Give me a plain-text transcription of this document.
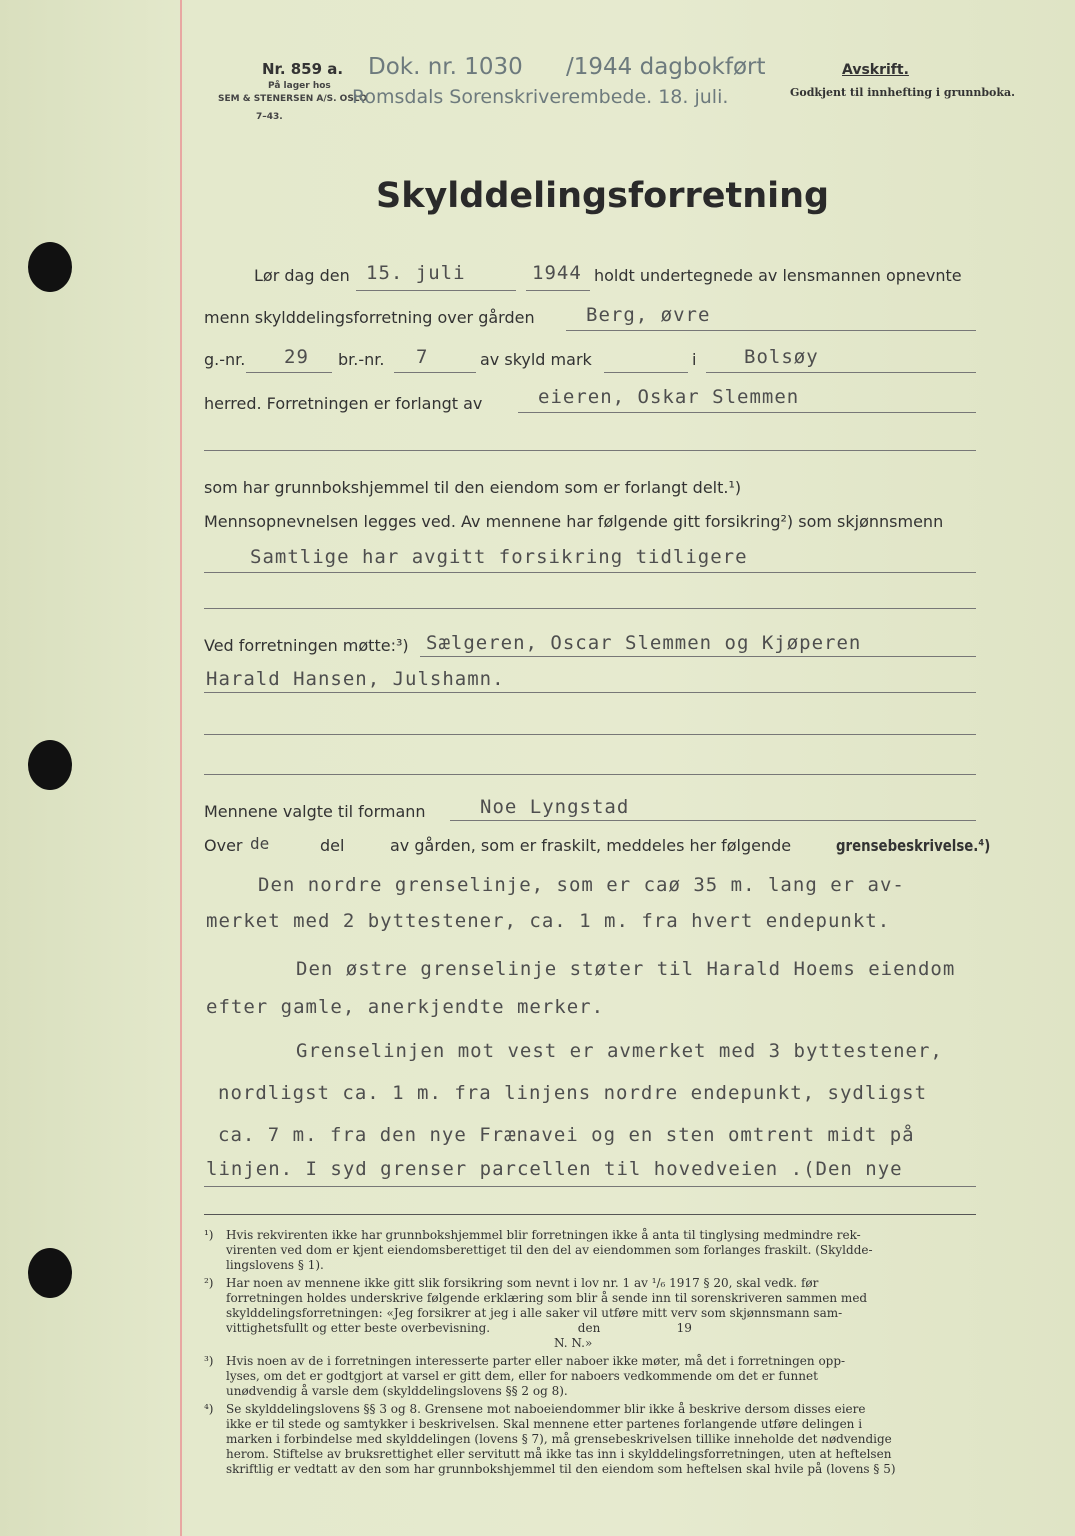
Nr. 859 a.
På lager hos
SEM & STENERSEN A/S. OSLO
7–43.
Dok. nr. 1030 /1944 dagbokført
Romsdals Sorenskriverembede. 18. juli.
Avskrift.
Godkjent til innhefting i grunnboka.
Skylddelingsforretning
Lør dag den 15. juli	1944 holdt undertegnede av lensmannen opnevnte
menn skylddelingsforretning over gården	Berg, øvre
g.-nr. 29 br.-nr. 7	av skyld mark	i	Bolsøy
herred. Forretningen er forlangt av	eieren, Oskar Slemmen
som har grunnbokshjemmel til den eiendom som er forlangt delt.¹)
Mennsopnevnelsen legges ved. Av mennene har følgende gitt forsikring²) som skjønnsmenn
Samtlige har avgitt forsikring tidligere
Ved forretningen møtte:³) Sælgeren, Oscar Slemmen og Kjøperen
Harald Hansen, Julshamn.
Mennene valgte til formann	Noe Lyngstad
Over de	del	av gården, som er fraskilt, meddeles her følgende	grensebeskrivelse.⁴)
Den nordre grenselinje, som er caø 35 m. lang er av-
merket med 2 byttestener, ca. 1 m. fra hvert endepunkt.
Den østre grenselinje støter til Harald Hoems eiendom
efter gamle, anerkjendte merker.
Grenselinjen mot vest er avmerket med 3 byttestener,
nordligst ca. 1 m. fra linjens nordre endepunkt, sydligst
ca. 7 m. fra den nye Frænavei og en sten omtrent midt på
linjen. I syd grenser parcellen til hovedveien .(Den nye
¹) Hvis rekvirenten ikke har grunnbokshjemmel blir forretningen ikke å anta til tinglysing medmindre rek-
virenten ved dom er kjent eiendomsberettiget til den del av eiendommen som forlanges fraskilt. (Skyldde-
lingslovens § 1).
²) Har noen av mennene ikke gitt slik forsikring som nevnt i lov nr. 1 av ¹/₆ 1917 § 20, skal vedk. før
forretningen holdes underskrive følgende erklæring som blir å sende inn til sorenskriveren sammen med
skylddelingsforretningen: «Jeg forsikrer at jeg i alle saker vil utføre mitt verv som skjønnsmann sam-
vittighetsfullt og etter beste overbevisning.                       den                    19
N. N.»
³) Hvis noen av de i forretningen interesserte parter eller naboer ikke møter, må det i forretningen opp-
lyses, om det er godtgjort at varsel er gitt dem, eller for naboers vedkommende om det er funnet
unødvendig å varsle dem (skylddelingslovens §§ 2 og 8).
⁴) Se skylddelingslovens §§ 3 og 8. Grensene mot naboeiendommer blir ikke å beskrive dersom disses eiere
ikke er til stede og samtykker i beskrivelsen. Skal mennene etter partenes forlangende utføre delingen i
marken i forbindelse med skylddelingen (lovens § 7), må grensebeskrivelsen tillike inneholde det nødvendige
herom. Stiftelse av bruksrettighet eller servitutt må ikke tas inn i skylddelingsforretningen, uten at heftelsen
skriftlig er vedtatt av den som har grunnbokshjemmel til den eiendom som heftelsen skal hvile på (lovens § 5)
